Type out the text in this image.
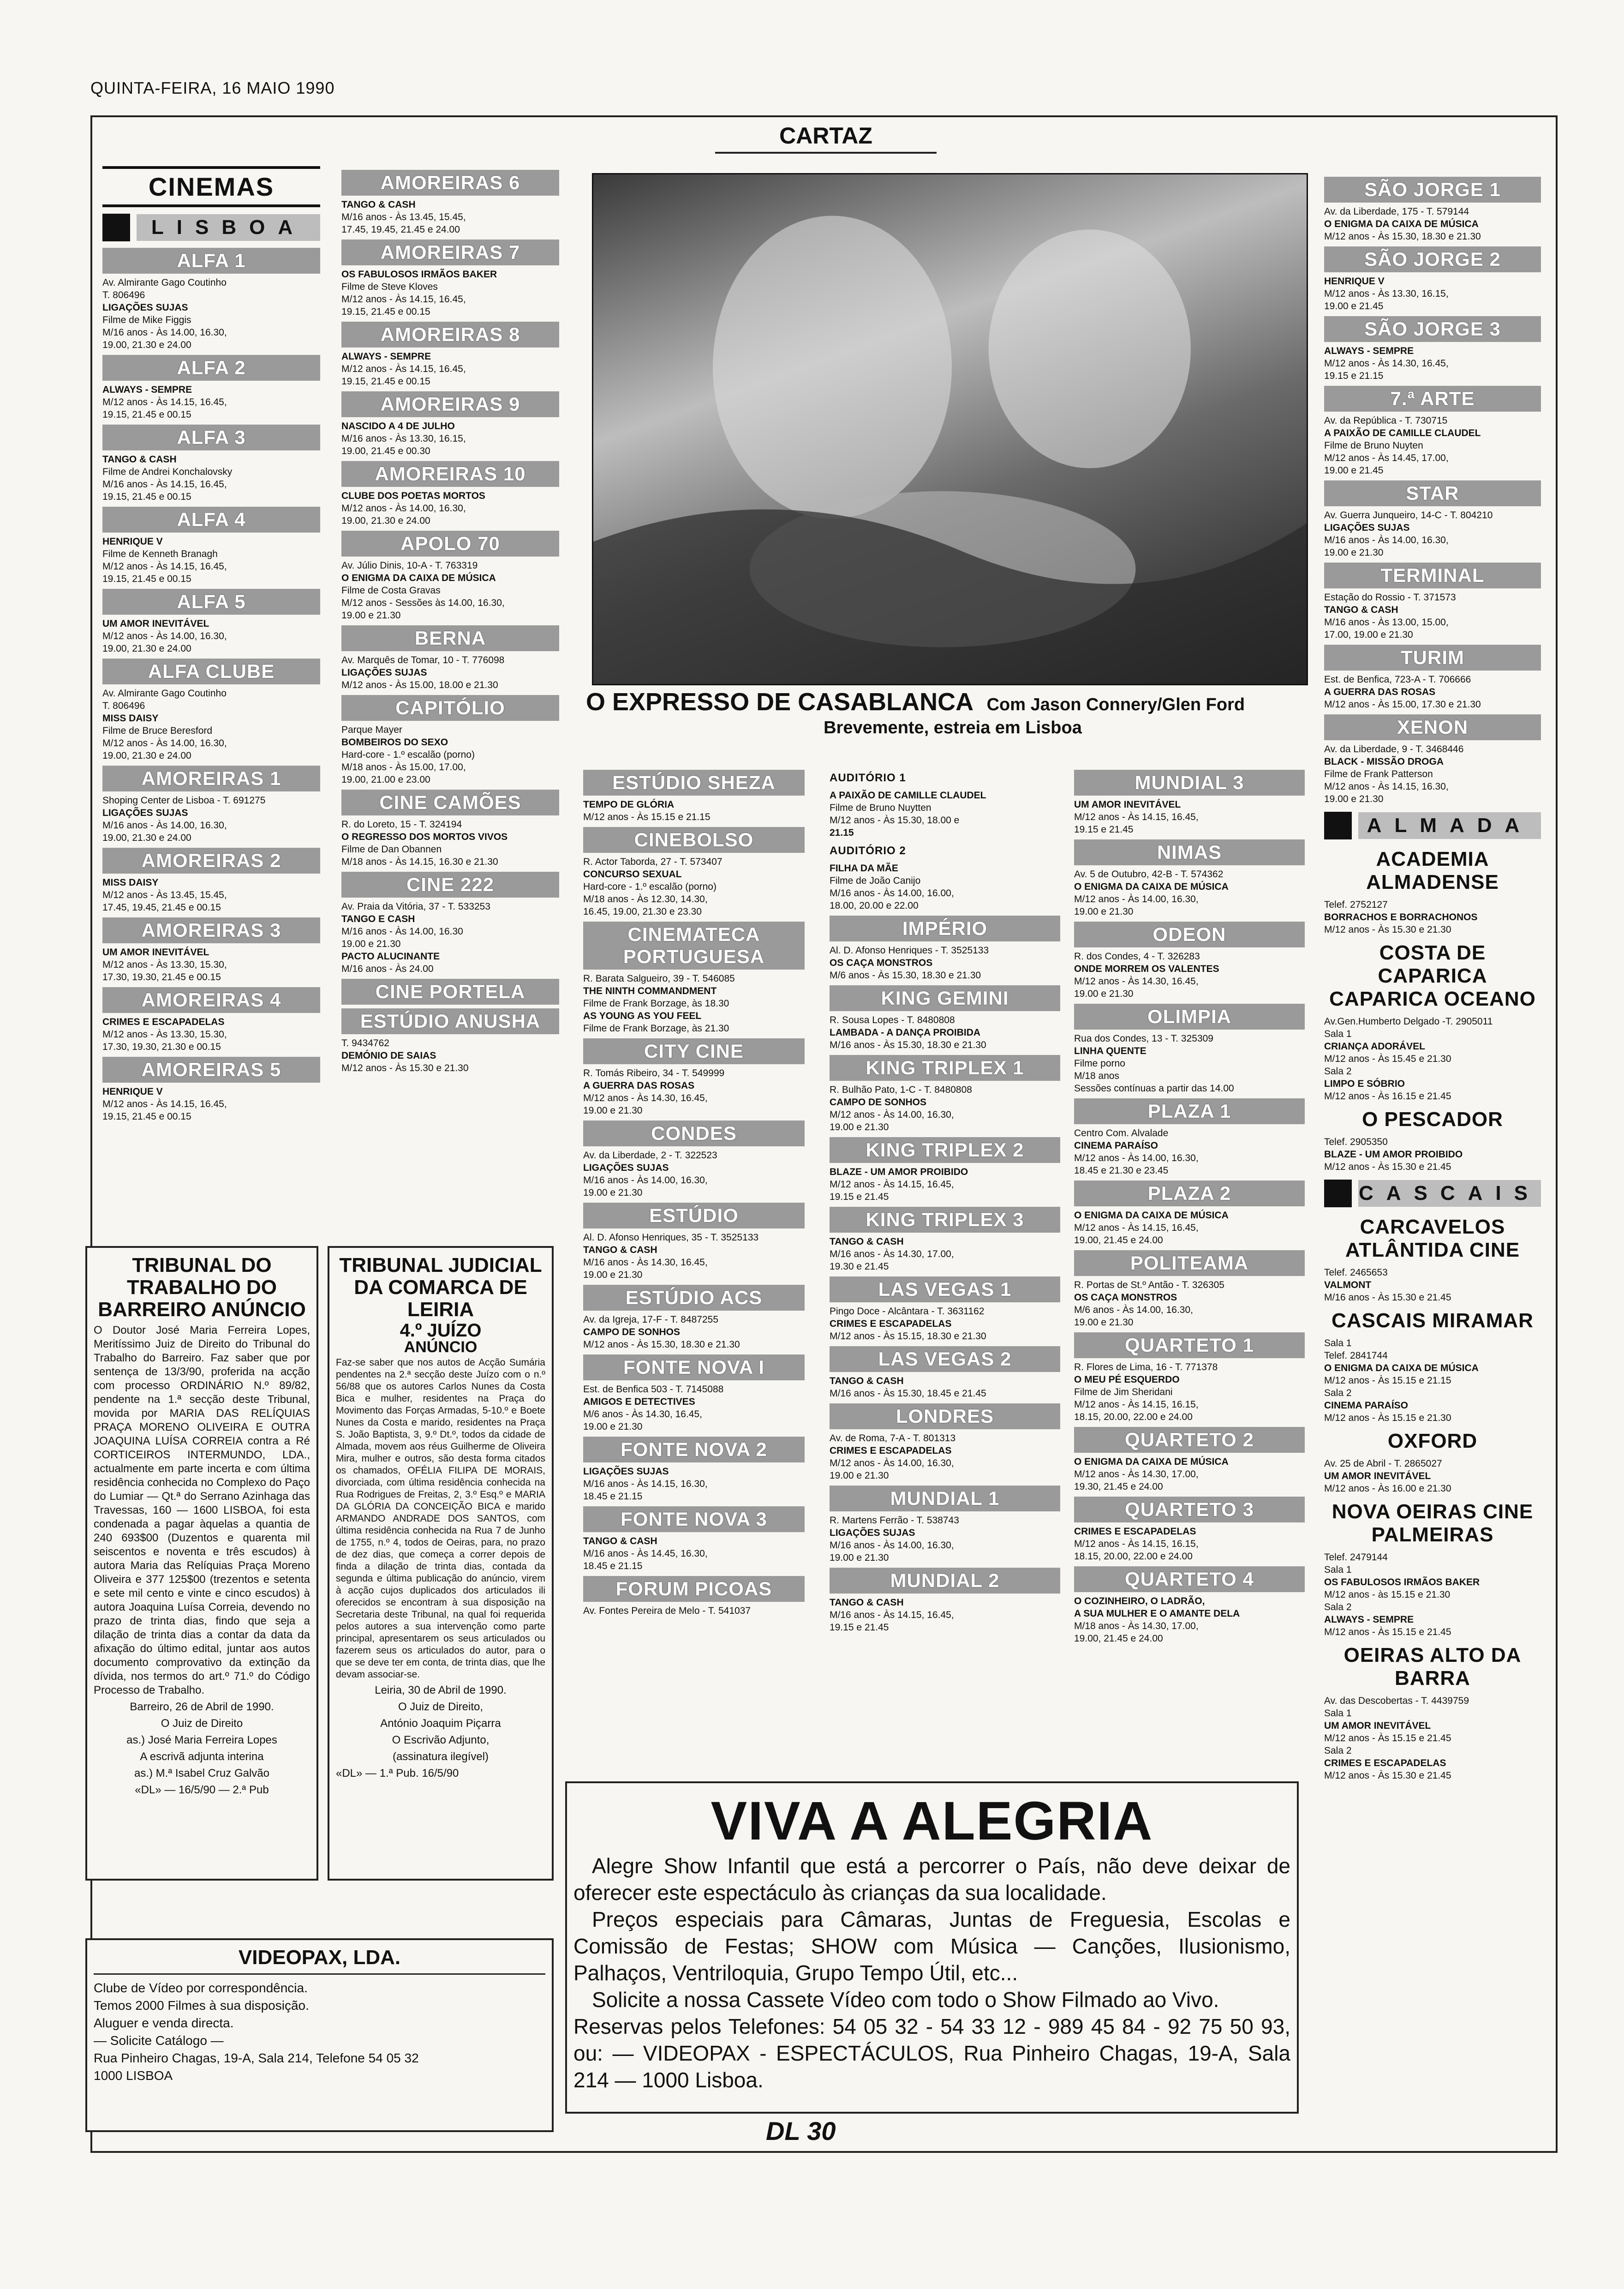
QUINTA-FEIRA, 16 MAIO 1990
CARTAZ
CINEMAS
LISBOA
ALFA 1
Av. Almirante Gago Coutinho
T. 806496
LIGAÇÕES SUJAS
Filme de Mike Figgis
M/16 anos - Às 14.00, 16.30,
19.00, 21.30 e 24.00
ALFA 2
ALWAYS - SEMPRE
M/12 anos - Às 14.15, 16.45,
19.15, 21.45 e 00.15
ALFA 3
TANGO & CASH
Filme de Andrei Konchalovsky
M/16 anos - Às 14.15, 16.45,
19.15, 21.45 e 00.15
ALFA 4
HENRIQUE V
Filme de Kenneth Branagh
M/12 anos - Às 14.15, 16.45,
19.15, 21.45 e 00.15
ALFA 5
UM AMOR INEVITÁVEL
M/12 anos - Às 14.00, 16.30,
19.00, 21.30 e 24.00
ALFA CLUBE
Av. Almirante Gago Coutinho
T. 806496
MISS DAISY
Filme de Bruce Beresford
M/12 anos - Às 14.00, 16.30,
19.00, 21.30 e 24.00
AMOREIRAS 1
Shoping Center de Lisboa - T. 691275
LIGAÇÕES SUJAS
M/16 anos - Às 14.00, 16.30,
19.00, 21.30 e 24.00
AMOREIRAS 2
MISS DAISY
M/12 anos - Às 13.45, 15.45,
17.45, 19.45, 21.45 e 00.15
AMOREIRAS 3
UM AMOR INEVITÁVEL
M/12 anos - Às 13.30, 15.30,
17.30, 19.30, 21.45 e 00.15
AMOREIRAS 4
CRIMES E ESCAPADELAS
M/12 anos - Às 13.30, 15.30,
17.30, 19.30, 21.30 e 00.15
AMOREIRAS 5
HENRIQUE V
M/12 anos - Às 14.15, 16.45,
19.15, 21.45 e 00.15
AMOREIRAS 6
TANGO & CASH
M/16 anos - Às 13.45, 15.45,
17.45, 19.45, 21.45 e 24.00
AMOREIRAS 7
OS FABULOSOS IRMÃOS BAKER
Filme de Steve Kloves
M/12 anos - Às 14.15, 16.45,
19.15, 21.45 e 00.15
AMOREIRAS 8
ALWAYS - SEMPRE
M/12 anos - Às 14.15, 16.45,
19.15, 21.45 e 00.15
AMOREIRAS 9
NASCIDO A 4 DE JULHO
M/16 anos - Às 13.30, 16.15,
19.00, 21.45 e 00.30
AMOREIRAS 10
CLUBE DOS POETAS MORTOS
M/12 anos - Às 14.00, 16.30,
19.00, 21.30 e 24.00
APOLO 70
Av. Júlio Dinis, 10-A - T. 763319
O ENIGMA DA CAIXA DE MÚSICA
Filme de Costa Gravas
M/12 anos - Sessões às 14.00, 16.30,
19.00 e 21.30
BERNA
Av. Marquês de Tomar, 10 - T. 776098
LIGAÇÕES SUJAS
M/12 anos - Às 15.00, 18.00 e 21.30
CAPITÓLIO
Parque Mayer
BOMBEIROS DO SEXO
Hard-core - 1.º escalão (porno)
M/18 anos - Às 15.00, 17.00,
19.00, 21.00 e 23.00
CINE CAMÕES
R. do Loreto, 15 - T. 324194
O REGRESSO DOS MORTOS VIVOS
Filme de Dan Obannen
M/18 anos - Às 14.15, 16.30 e 21.30
CINE 222
Av. Praia da Vitória, 37 - T. 533253
TANGO E CASH
M/16 anos - Às 14.00, 16.30
19.00 e 21.30
PACTO ALUCINANTE
M/16 anos - Às 24.00
CINE PORTELA
ESTÚDIO ANUSHA
T. 9434762
DEMÓNIO DE SAIAS
M/12 anos - Às 15.30 e 21.30
O EXPRESSO DE CASABLANCA Com Jason Connery/Glen Ford
Brevemente, estreia em Lisboa
ESTÚDIO SHEZA
TEMPO DE GLÓRIA
M/12 anos - Às 15.15 e 21.15
CINEBOLSO
R. Actor Taborda, 27 - T. 573407
CONCURSO SEXUAL
Hard-core - 1.º escalão (porno)
M/18 anos - Às 12.30, 14.30,
16.45, 19.00, 21.30 e 23.30
CINEMATECA PORTUGUESA
R. Barata Salgueiro, 39 - T. 546085
THE NINTH COMMANDMENT
Filme de Frank Borzage, às 18.30
AS YOUNG AS YOU FEEL
Filme de Frank Borzage, às 21.30
CITY CINE
R. Tomás Ribeiro, 34 - T. 549999
A GUERRA DAS ROSAS
M/12 anos - Às 14.30, 16.45,
19.00 e 21.30
CONDES
Av. da Liberdade, 2 - T. 322523
LIGAÇÕES SUJAS
M/16 anos - Às 14.00, 16.30,
19.00 e 21.30
ESTÚDIO
Al. D. Afonso Henriques, 35 - T. 3525133
TANGO & CASH
M/16 anos - Às 14.30, 16.45,
19.00 e 21.30
ESTÚDIO ACS
Av. da Igreja, 17-F - T. 8487255
CAMPO DE SONHOS
M/12 anos - Às 15.30, 18.30 e 21.30
FONTE NOVA I
Est. de Benfica 503 - T. 7145088
AMIGOS E DETECTIVES
M/6 anos - Às 14.30, 16.45,
19.00 e 21.30
FONTE NOVA 2
LIGAÇÕES SUJAS
M/16 anos - Às 14.15, 16.30,
18.45 e 21.15
FONTE NOVA 3
TANGO & CASH
M/16 anos - Às 14.45, 16.30,
18.45 e 21.15
FORUM PICOAS
Av. Fontes Pereira de Melo - T. 541037
AUDITÓRIO 1
A PAIXÃO DE CAMILLE CLAUDEL
Filme de Bruno Nuytten
M/12 anos - Às 15.30, 18.00 e
21.15
AUDITÓRIO 2
FILHA DA MÃE
Filme de João Canijo
M/16 anos - Às 14.00, 16.00,
18.00, 20.00 e 22.00
IMPÉRIO
Al. D. Afonso Henriques - T. 3525133
OS CAÇA MONSTROS
M/6 anos - Às 15.30, 18.30 e 21.30
KING GEMINI
R. Sousa Lopes - T. 8480808
LAMBADA - A DANÇA PROIBIDA
M/16 anos - Às 15.30, 18.30 e 21.30
KING TRIPLEX 1
R. Bulhão Pato, 1-C - T. 8480808
CAMPO DE SONHOS
M/12 anos - Às 14.00, 16.30,
19.00 e 21.30
KING TRIPLEX 2
BLAZE - UM AMOR PROIBIDO
M/12 anos - Às 14.15, 16.45,
19.15 e 21.45
KING TRIPLEX 3
TANGO & CASH
M/16 anos - Às 14.30, 17.00,
19.30 e 21.45
LAS VEGAS 1
Pingo Doce - Alcântara - T. 3631162
CRIMES E ESCAPADELAS
M/12 anos - Às 15.15, 18.30 e 21.30
LAS VEGAS 2
TANGO & CASH
M/16 anos - Às 15.30, 18.45 e 21.45
LONDRES
Av. de Roma, 7-A - T. 801313
CRIMES E ESCAPADELAS
M/12 anos - Às 14.00, 16.30,
19.00 e 21.30
MUNDIAL 1
R. Martens Ferrão - T. 538743
LIGAÇÕES SUJAS
M/16 anos - Às 14.00, 16.30,
19.00 e 21.30
MUNDIAL 2
TANGO & CASH
M/16 anos - Às 14.15, 16.45,
19.15 e 21.45
MUNDIAL 3
UM AMOR INEVITÁVEL
M/12 anos - Às 14.15, 16.45,
19.15 e 21.45
NIMAS
Av. 5 de Outubro, 42-B - T. 574362
O ENIGMA DA CAIXA DE MÚSICA
M/12 anos - Às 14.00, 16.30,
19.00 e 21.30
ODEON
R. dos Condes, 4 - T. 326283
ONDE MORREM OS VALENTES
M/12 anos - Às 14.30, 16.45,
19.00 e 21.30
OLIMPIA
Rua dos Condes, 13 - T. 325309
LINHA QUENTE
Filme porno
M/18 anos
Sessões contínuas a partir das 14.00
PLAZA 1
Centro Com. Alvalade
CINEMA PARAÍSO
M/12 anos - Às 14.00, 16.30,
18.45 e 21.30 e 23.45
PLAZA 2
O ENIGMA DA CAIXA DE MÚSICA
M/12 anos - Às 14.15, 16.45,
19.00, 21.45 e 24.00
POLITEAMA
R. Portas de St.º Antão - T. 326305
OS CAÇA MONSTROS
M/6 anos - Às 14.00, 16.30,
19.00 e 21.30
QUARTETO 1
R. Flores de Lima, 16 - T. 771378
O MEU PÉ ESQUERDO
Filme de Jim Sheridani
M/12 anos - Às 14.15, 16.15,
18.15, 20.00, 22.00 e 24.00
QUARTETO 2
O ENIGMA DA CAIXA DE MÚSICA
M/12 anos - Às 14.30, 17.00,
19.30, 21.45 e 24.00
QUARTETO 3
CRIMES E ESCAPADELAS
M/12 anos - Às 14.15, 16.15,
18.15, 20.00, 22.00 e 24.00
QUARTETO 4
O COZINHEIRO, O LADRÃO,
A SUA MULHER E O AMANTE DELA
M/18 anos - Às 14.30, 17.00,
19.00, 21.45 e 24.00
SÃO JORGE 1
Av. da Liberdade, 175 - T. 579144
O ENIGMA DA CAIXA DE MÚSICA
M/12 anos - Às 15.30, 18.30 e 21.30
SÃO JORGE 2
HENRIQUE V
M/12 anos - Às 13.30, 16.15,
19.00 e 21.45
SÃO JORGE 3
ALWAYS - SEMPRE
M/12 anos - Às 14.30, 16.45,
19.15 e 21.15
7.ª ARTE
Av. da República - T. 730715
A PAIXÃO DE CAMILLE CLAUDEL
Filme de Bruno Nuyten
M/12 anos - Às 14.45, 17.00,
19.00 e 21.45
STAR
Av. Guerra Junqueiro, 14-C - T. 804210
LIGAÇÕES SUJAS
M/16 anos - Às 14.00, 16.30,
19.00 e 21.30
TERMINAL
Estação do Rossio - T. 371573
TANGO & CASH
M/16 anos - Às 13.00, 15.00,
17.00, 19.00 e 21.30
TURIM
Est. de Benfica, 723-A - T. 706666
A GUERRA DAS ROSAS
M/12 anos - Às 15.00, 17.30 e 21.30
XENON
Av. da Liberdade, 9 - T. 3468446
BLACK - MISSÃO DROGA
Filme de Frank Patterson
M/12 anos - Às 14.15, 16.30,
19.00 e 21.30
ALMADA
ACADEMIA ALMADENSE
Telef. 2752127
BORRACHOS E BORRACHONOS
M/12 anos - Às 15.30 e 21.30
COSTA DE CAPARICA CAPARICA OCEANO
Av.Gen.Humberto Delgado -T. 2905011
Sala 1
CRIANÇA ADORÁVEL
M/12 anos - Às 15.45 e 21.30
Sala 2
LIMPO E SÓBRIO
M/12 anos - Às 16.15 e 21.45
O PESCADOR
Telef. 2905350
BLAZE - UM AMOR PROIBIDO
M/12 anos - Às 15.30 e 21.45
CASCAIS
CARCAVELOS ATLÂNTIDA CINE
Telef. 2465653
VALMONT
M/16 anos - Às 15.30 e 21.45
CASCAIS MIRAMAR
Sala 1
Telef. 2841744
O ENIGMA DA CAIXA DE MÚSICA
M/12 anos - Às 15.15 e 21.15
Sala 2
CINEMA PARAÍSO
M/12 anos - Às 15.15 e 21.30
OXFORD
Av. 25 de Abril - T. 2865027
UM AMOR INEVITÁVEL
M/12 anos - Às 16.00 e 21.30
NOVA OEIRAS CINE PALMEIRAS
Telef. 2479144
Sala 1
OS FABULOSOS IRMÃOS BAKER
M/12 anos - às 15.15 e 21.30
Sala 2
ALWAYS - SEMPRE
M/12 anos - Às 15.15 e 21.45
OEIRAS ALTO DA BARRA
Av. das Descobertas - T. 4439759
Sala 1
UM AMOR INEVITÁVEL
M/12 anos - Às 15.15 e 21.45
Sala 2
CRIMES E ESCAPADELAS
M/12 anos - Às 15.30 e 21.45
TRIBUNAL DO TRABALHO DO BARREIRO ANÚNCIO

O Doutor José Maria Ferreira Lopes, Meritíssimo Juiz de Direito do Tribunal do Trabalho do Barreiro. Faz saber que por sentença de 13/3/90, proferida na acção com processo ORDINÁRIO N.º 89/82, pendente na 1.ª secção deste Tribunal, movida por MARIA DAS RELÍQUIAS PRAÇA MORENO OLIVEIRA E OUTRA JOAQUINA LUÍSA CORREIA contra a Ré CORTICEIROS INTERMUNDO, LDA., actualmente em parte incerta e com última residência conhecida no Complexo do Paço do Lumiar — Qt.ª do Serrano Azinhaga das Travessas, 160 — 1600 LISBOA, foi esta condenada a pagar àquelas a quantia de 240 693$00 (Duzentos e quarenta mil seiscentos e noventa e três escudos) à autora Maria das Relíquias Praça Moreno Oliveira e 377 125$00 (trezentos e setenta e sete mil cento e vinte e cinco escudos) à autora Joaquina Luísa Correia, devendo no prazo de trinta dias, findo que seja a dilação de trinta dias a contar da data da afixação do último edital, juntar aos autos documento comprovativo da extinção da dívida, nos termos do art.º 71.º do Código Processo de Trabalho.

Barreiro, 26 de Abril de 1990.

O Juiz de Direito

as.) José Maria Ferreira Lopes

A escrivã adjunta interina

as.) M.ª Isabel Cruz Galvão

«DL» — 16/5/90 — 2.ª Pub

TRIBUNAL JUDICIAL DA COMARCA DE LEIRIA

4.º JUÍZO

ANÚNCIO

Faz-se saber que nos autos de Acção Sumária pendentes na 2.ª secção deste Juízo com o n.º 56/88 que os autores Carlos Nunes da Costa Bica e mulher, residentes na Praça do Movimento das Forças Armadas, 5-10.º e Boete Nunes da Costa e marido, residentes na Praça S. João Baptista, 3, 9.º Dt.º, todos da cidade de Almada, movem aos réus Guilherme de Oliveira Mira, mulher e outros, são desta forma citados os chamados, OFÉLIA FILIPA DE MORAIS, divorciada, com última residência conhecida na Rua Rodrigues de Freitas, 2, 3.º Esq.º e MARIA DA GLÓRIA DA CONCEIÇÃO BICA e marido ARMANDO ANDRADE DOS SANTOS, com última residência conhecida na Rua 7 de Junho de 1755, n.º 4, todos de Oeiras, para, no prazo de dez dias, que começa a correr depois de finda a dilação de trinta dias, contada da segunda e última publicação do anúncio, virem à acção cujos duplicados dos articulados ili oferecidos se encontram à sua disposição na Secretaria deste Tribunal, na qual foi requerida pelos autores a sua intervenção como parte principal, apresentarem os seus articulados ou fazerem seus os articulados do autor, para o que se deve ter em conta, de trinta dias, que lhe devam associar-se.

Leiria, 30 de Abril de 1990.

O Juiz de Direito,

António Joaquim Piçarra

O Escrivão Adjunto,

(assinatura ilegível)

«DL» — 1.ª Pub. 16/5/90

VIDEOPAX, LDA.
Clube de Vídeo por correspondência.
Temos 2000 Filmes à sua disposição.
Aluguer e venda directa.
— Solicite Catálogo —
Rua Pinheiro Chagas, 19-A, Sala 214, Telefone 54 05 32
1000 LISBOA
VIVA A ALEGRIA

Alegre Show Infantil que está a percorrer o País, não deve deixar de oferecer este espectáculo às crianças da sua localidade.

Preços especiais para Câmaras, Juntas de Freguesia, Escolas e Comissão de Festas; SHOW com Música — Canções, Ilusionismo, Palhaços, Ventriloquia, Grupo Tempo Útil, etc...

Solicite a nossa Cassete Vídeo com todo o Show Filmado ao Vivo.

Reservas pelos Telefones: 54 05 32 - 54 33 12 - 989 45 84 - 92 75 50 93, ou: — VIDEOPAX - ESPECTÁCULOS, Rua Pinheiro Chagas, 19-A, Sala 214 — 1000 Lisboa.

DL 30
